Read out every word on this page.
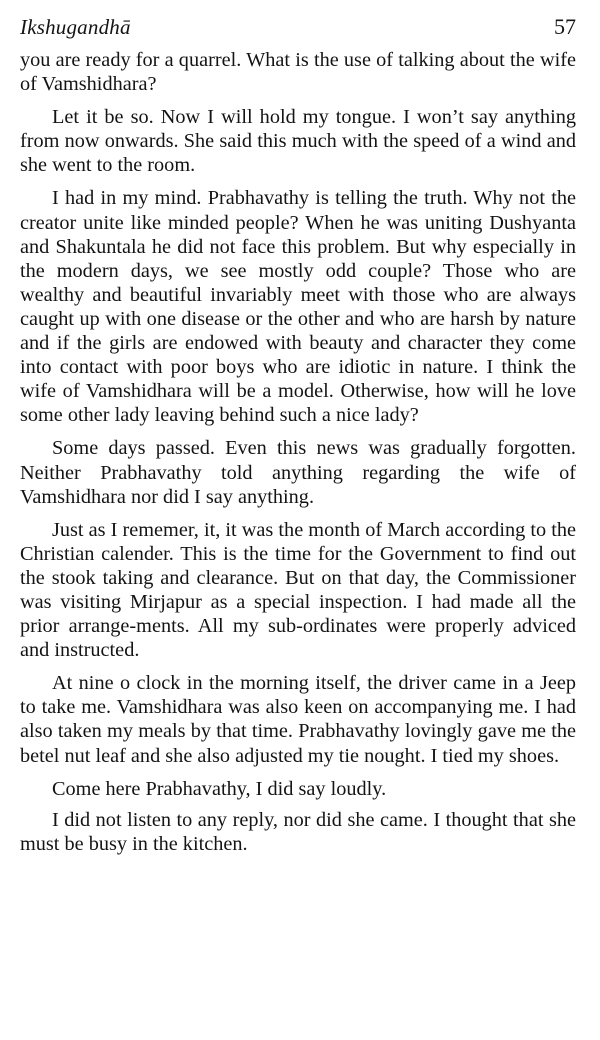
Ikshugandhā	57

you are ready for a quarrel. What is the use of talking about the wife of Vamshidhara?

Let it be so. Now I will hold my tongue. I won’t say anything from now onwards. She said this much with the speed of a wind and she went to the room.

I had in my mind. Prabhavathy is telling the truth. Why not the creator unite like minded people? When he was uniting Dushyanta and Shakuntala he did not face this problem. But why especially in the modern days, we see mostly odd couple? Those who are wealthy and beautiful invariably meet with those who are always caught up with one disease or the other and who are harsh by nature and if the girls are endowed with beauty and character they come into contact with poor boys who are idiotic in nature. I think the wife of Vamshidhara will be a model. Otherwise, how will he love some other lady leaving behind such a nice lady?

Some days passed. Even this news was gradually forgotten. Neither Prabhavathy told anything regarding the wife of Vamshidhara nor did I say anything.

Just as I rememer, it, it was the month of March according to the Christian calender. This is the time for the Government to find out the stook taking and clearance. But on that day, the Commissioner was visiting Mirjapur as a special inspection. I had made all the prior arrange-ments. All my sub-ordinates were properly adviced and instructed.

At nine o clock in the morning itself, the driver came in a Jeep to take me. Vamshidhara was also keen on accompanying me. I had also taken my meals by that time. Prabhavathy lovingly gave me the betel nut leaf and she also adjusted my tie nought. I tied my shoes.

Come here Prabhavathy, I did say loudly.

I did not listen to any reply, nor did she came. I thought that she must be busy in the kitchen.
